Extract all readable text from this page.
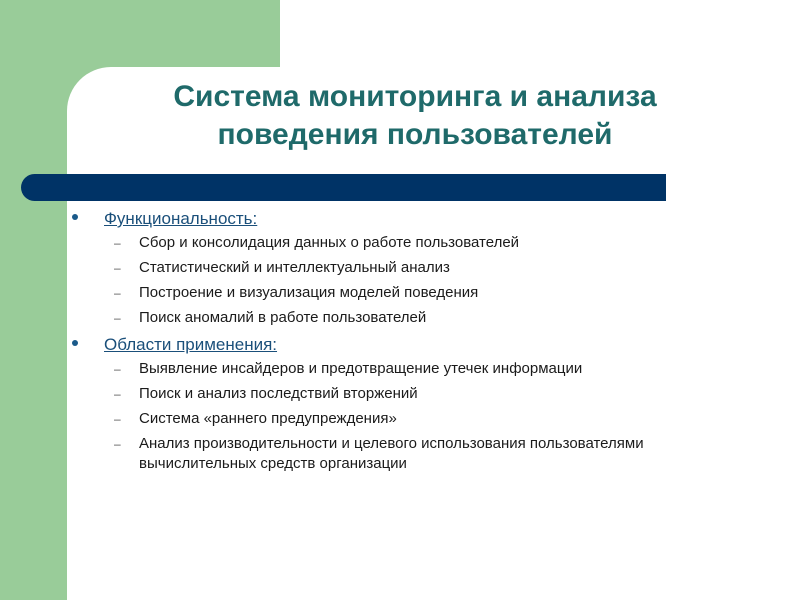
Система мониторинга и анализа
поведения пользователей
Функциональность:
– Сбор и консолидация данных о работе пользователей
– Статистический и интеллектуальный анализ
– Построение и визуализация моделей поведения
– Поиск аномалий в работе пользователей
Области применения:
– Выявление инсайдеров и предотвращение утечек информации
– Поиск и анализ последствий вторжений
– Система «раннего предупреждения»
– Анализ производительности и целевого использования пользователями
вычислительных средств организации
